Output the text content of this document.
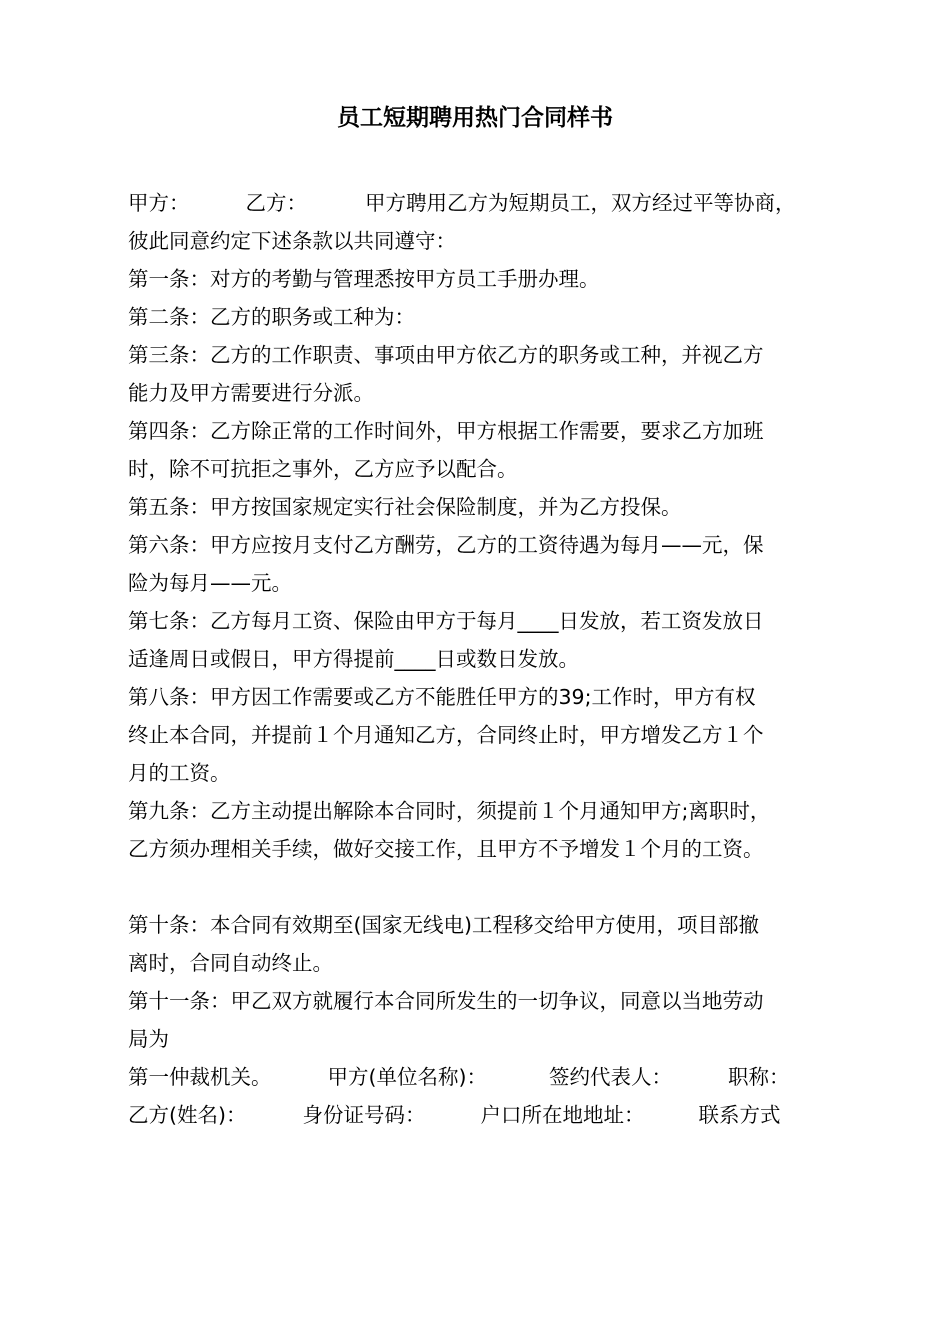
员工短期聘用热门合同样书
甲方：	乙方：	甲方聘用乙方为短期员工，双方经过平等协商，
彼此同意约定下述条款以共同遵守：
第一条：对方的考勤与管理悉按甲方员工手册办理。
第二条：乙方的职务或工种为：
第三条：乙方的工作职责、事项由甲方依乙方的职务或工种，并视乙方
能力及甲方需要进行分派。
第四条：乙方除正常的工作时间外，甲方根据工作需要，要求乙方加班
时，除不可抗拒之事外，乙方应予以配合。
第五条：甲方按国家规定实行社会保险制度，并为乙方投保。
第六条：甲方应按月支付乙方酬劳，乙方的工资待遇为每月——元，保
险为每月——元。
第七条：乙方每月工资、保险由甲方于每月____日发放，若工资发放日
适逢周日或假日，甲方得提前____日或数日发放。
第八条：甲方因工作需要或乙方不能胜任甲方的39;工作时，甲方有权
终止本合同，并提前１个月通知乙方，合同终止时，甲方增发乙方１个
月的工资。
第九条：乙方主动提出解除本合同时，须提前１个月通知甲方;离职时，
乙方须办理相关手续，做好交接工作，且甲方不予增发１个月的工资。
第十条：本合同有效期至(国家无线电)工程移交给甲方使用，项目部撤
离时，合同自动终止。
第十一条：甲乙双方就履行本合同所发生的一切争议，同意以当地劳动
局为
第一仲裁机关。	甲方(单位名称)：	签约代表人：	职称：
乙方(姓名)：	身份证号码：	户口所在地地址：	联系方式
